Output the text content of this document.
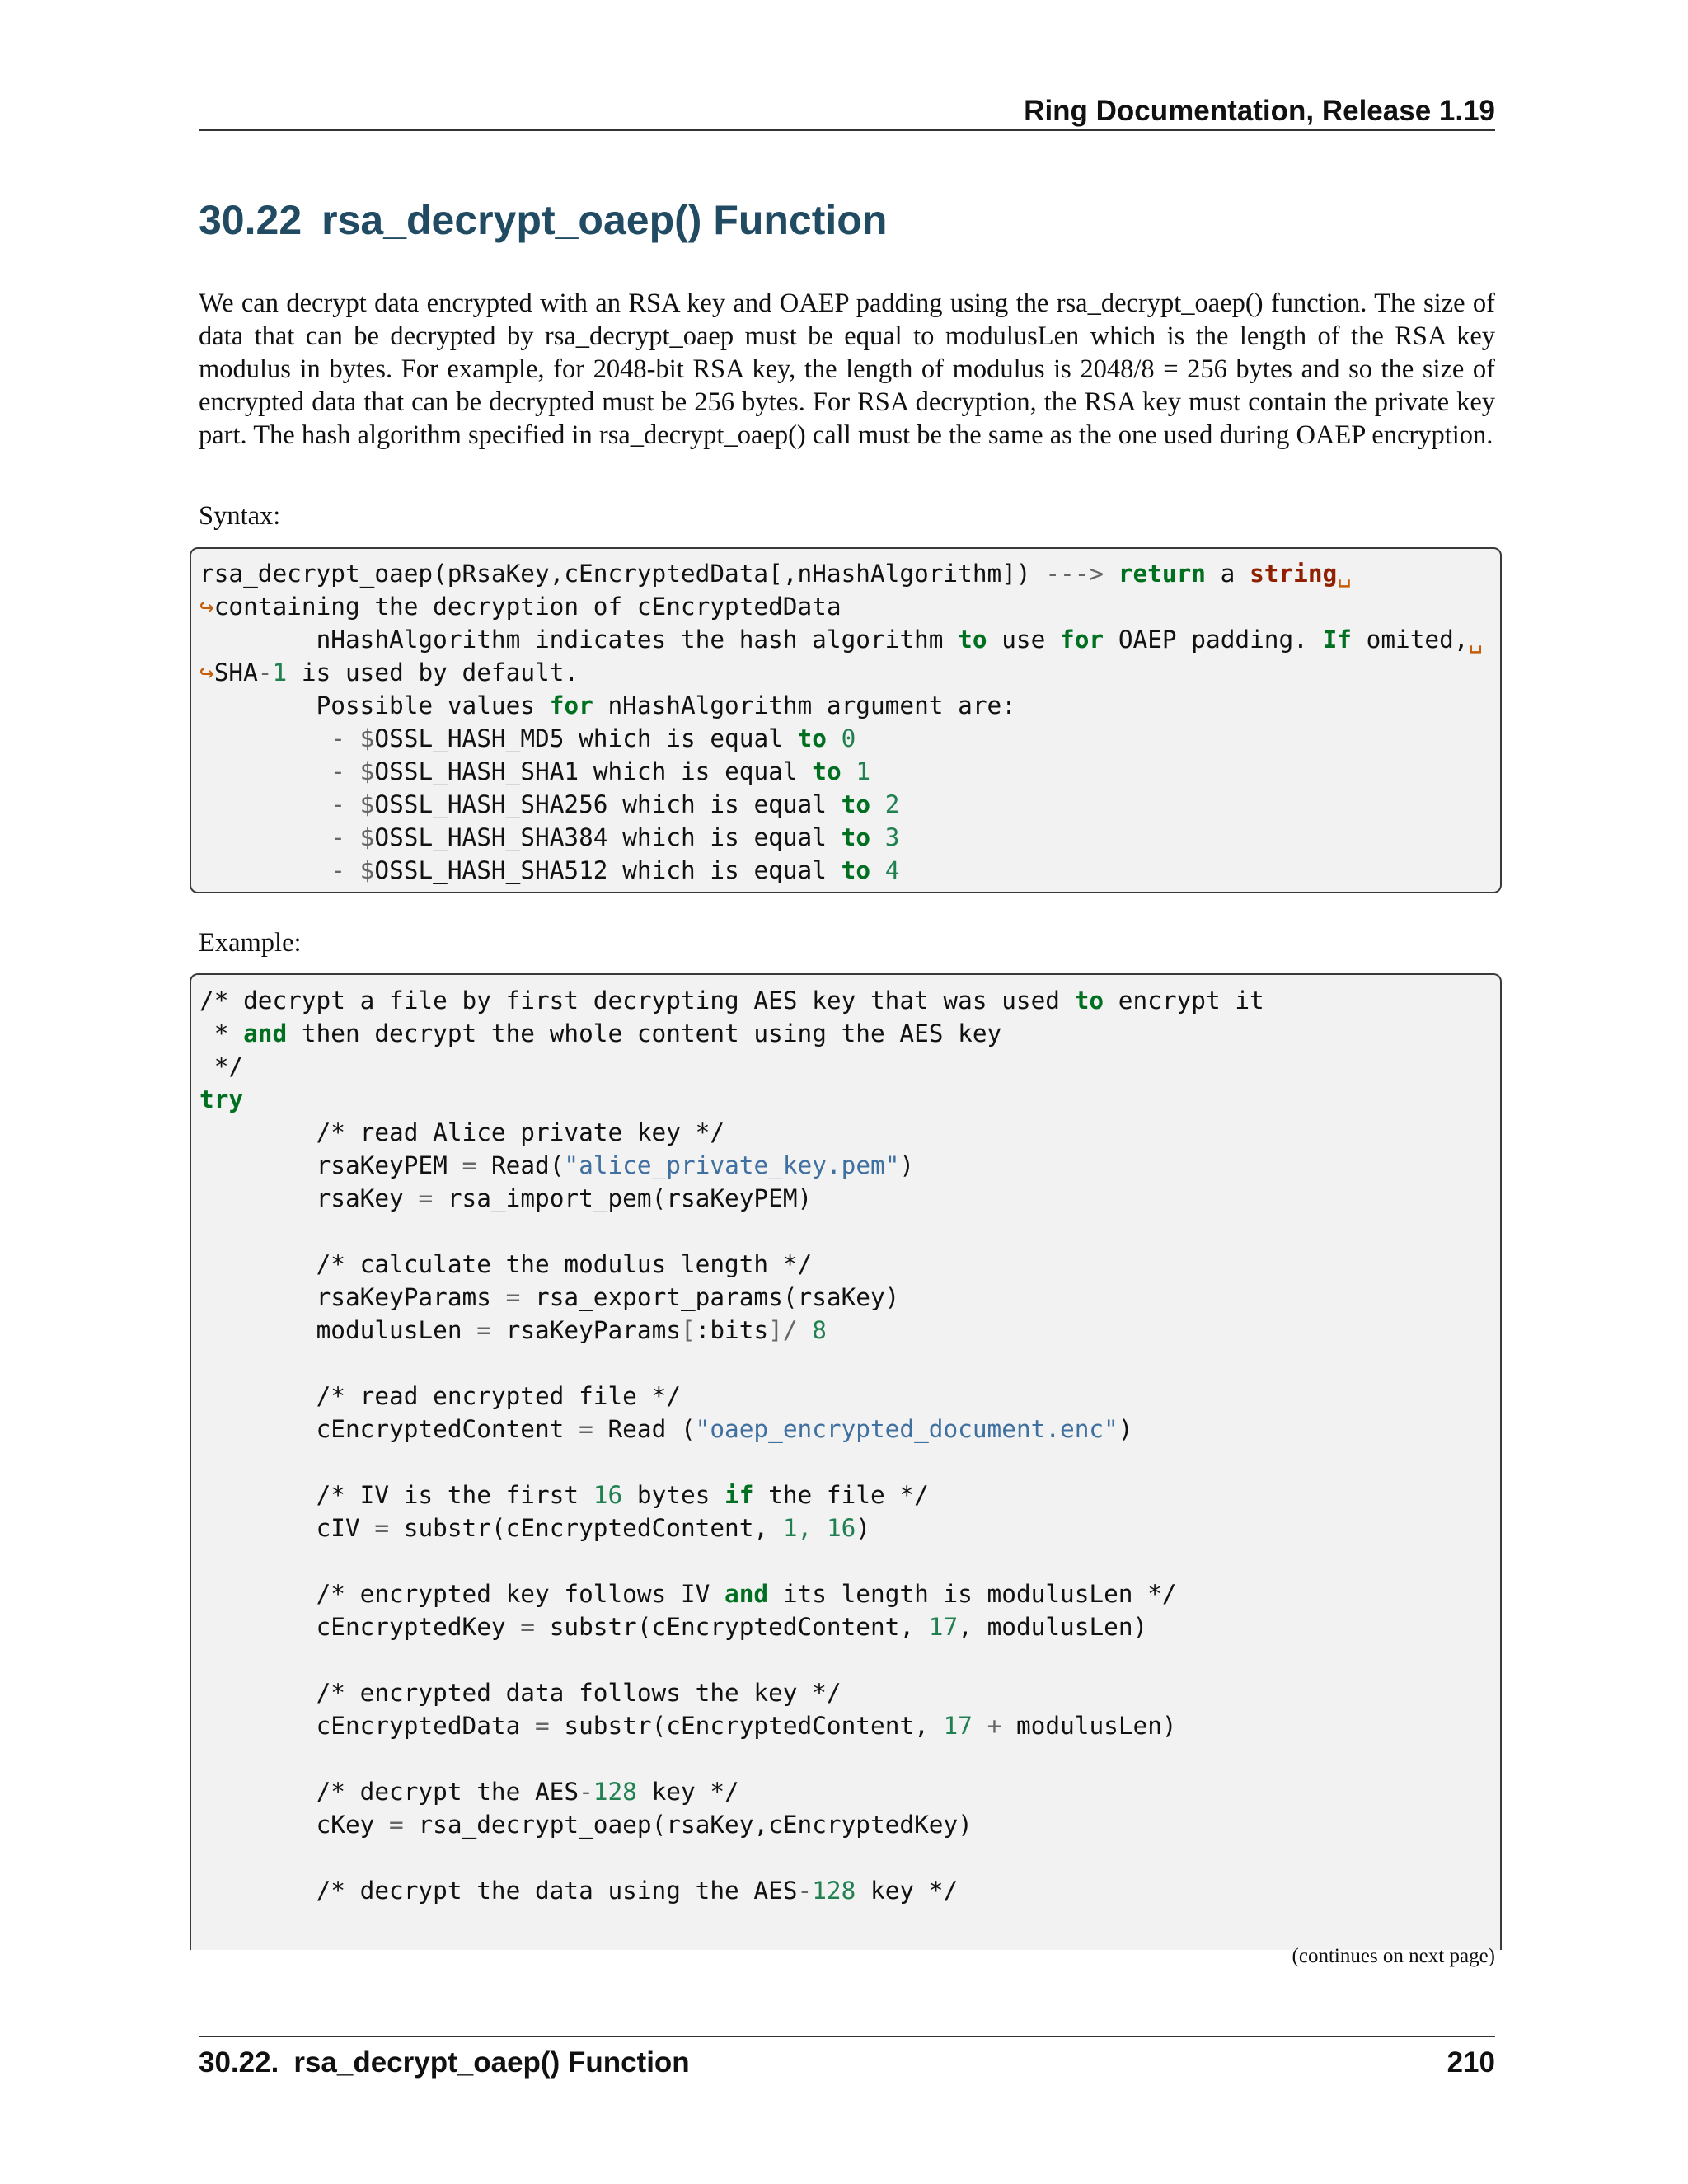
Ring Documentation, Release 1.19
30.22 rsa_decrypt_oaep() Function

We can decrypt data encrypted with an RSA key and OAEP padding using the rsa_decrypt_oaep() function. The size of data that can be decrypted by rsa_decrypt_oaep must be equal to modulusLen which is the length of the RSA key modulus in bytes. For example, for 2048-bit RSA key, the length of modulus is 2048/8 = 256 bytes and so the size of encrypted data that can be decrypted must be 256 bytes. For RSA decryption, the RSA key must contain the private key part. The hash algorithm specified in rsa_decrypt_oaep() call must be the same as the one used during OAEP encryption.

Syntax:

rsa_decrypt_oaep(pRsaKey,cEncryptedData[,nHashAlgorithm]) ---> return a string␣
↪containing the decryption of cEncryptedData
nHashAlgorithm indicates the hash algorithm to use for OAEP padding. If omited,␣
↪SHA-1 is used by default.
Possible values for nHashAlgorithm argument are:
- $OSSL_HASH_MD5 which is equal to 0
- $OSSL_HASH_SHA1 which is equal to 1
- $OSSL_HASH_SHA256 which is equal to 2
- $OSSL_HASH_SHA384 which is equal to 3
- $OSSL_HASH_SHA512 which is equal to 4

Example:

/* decrypt a file by first decrypting AES key that was used to encrypt it
* and then decrypt the whole content using the AES key
*/
try
/* read Alice private key */
rsaKeyPEM = Read("alice_private_key.pem")
rsaKey = rsa_import_pem(rsaKeyPEM)

/* calculate the modulus length */
rsaKeyParams = rsa_export_params(rsaKey)
modulusLen = rsaKeyParams[:bits]/ 8

/* read encrypted file */
cEncryptedContent = Read ("oaep_encrypted_document.enc")

/* IV is the first 16 bytes if the file */
cIV = substr(cEncryptedContent, 1, 16)

/* encrypted key follows IV and its length is modulusLen */
cEncryptedKey = substr(cEncryptedContent, 17, modulusLen)

/* encrypted data follows the key */
cEncryptedData = substr(cEncryptedContent, 17 + modulusLen)

/* decrypt the AES-128 key */
cKey = rsa_decrypt_oaep(rsaKey,cEncryptedKey)

/* decrypt the data using the AES-128 key */
(continues on next page)
30.22. rsa_decrypt_oaep() Function	210
